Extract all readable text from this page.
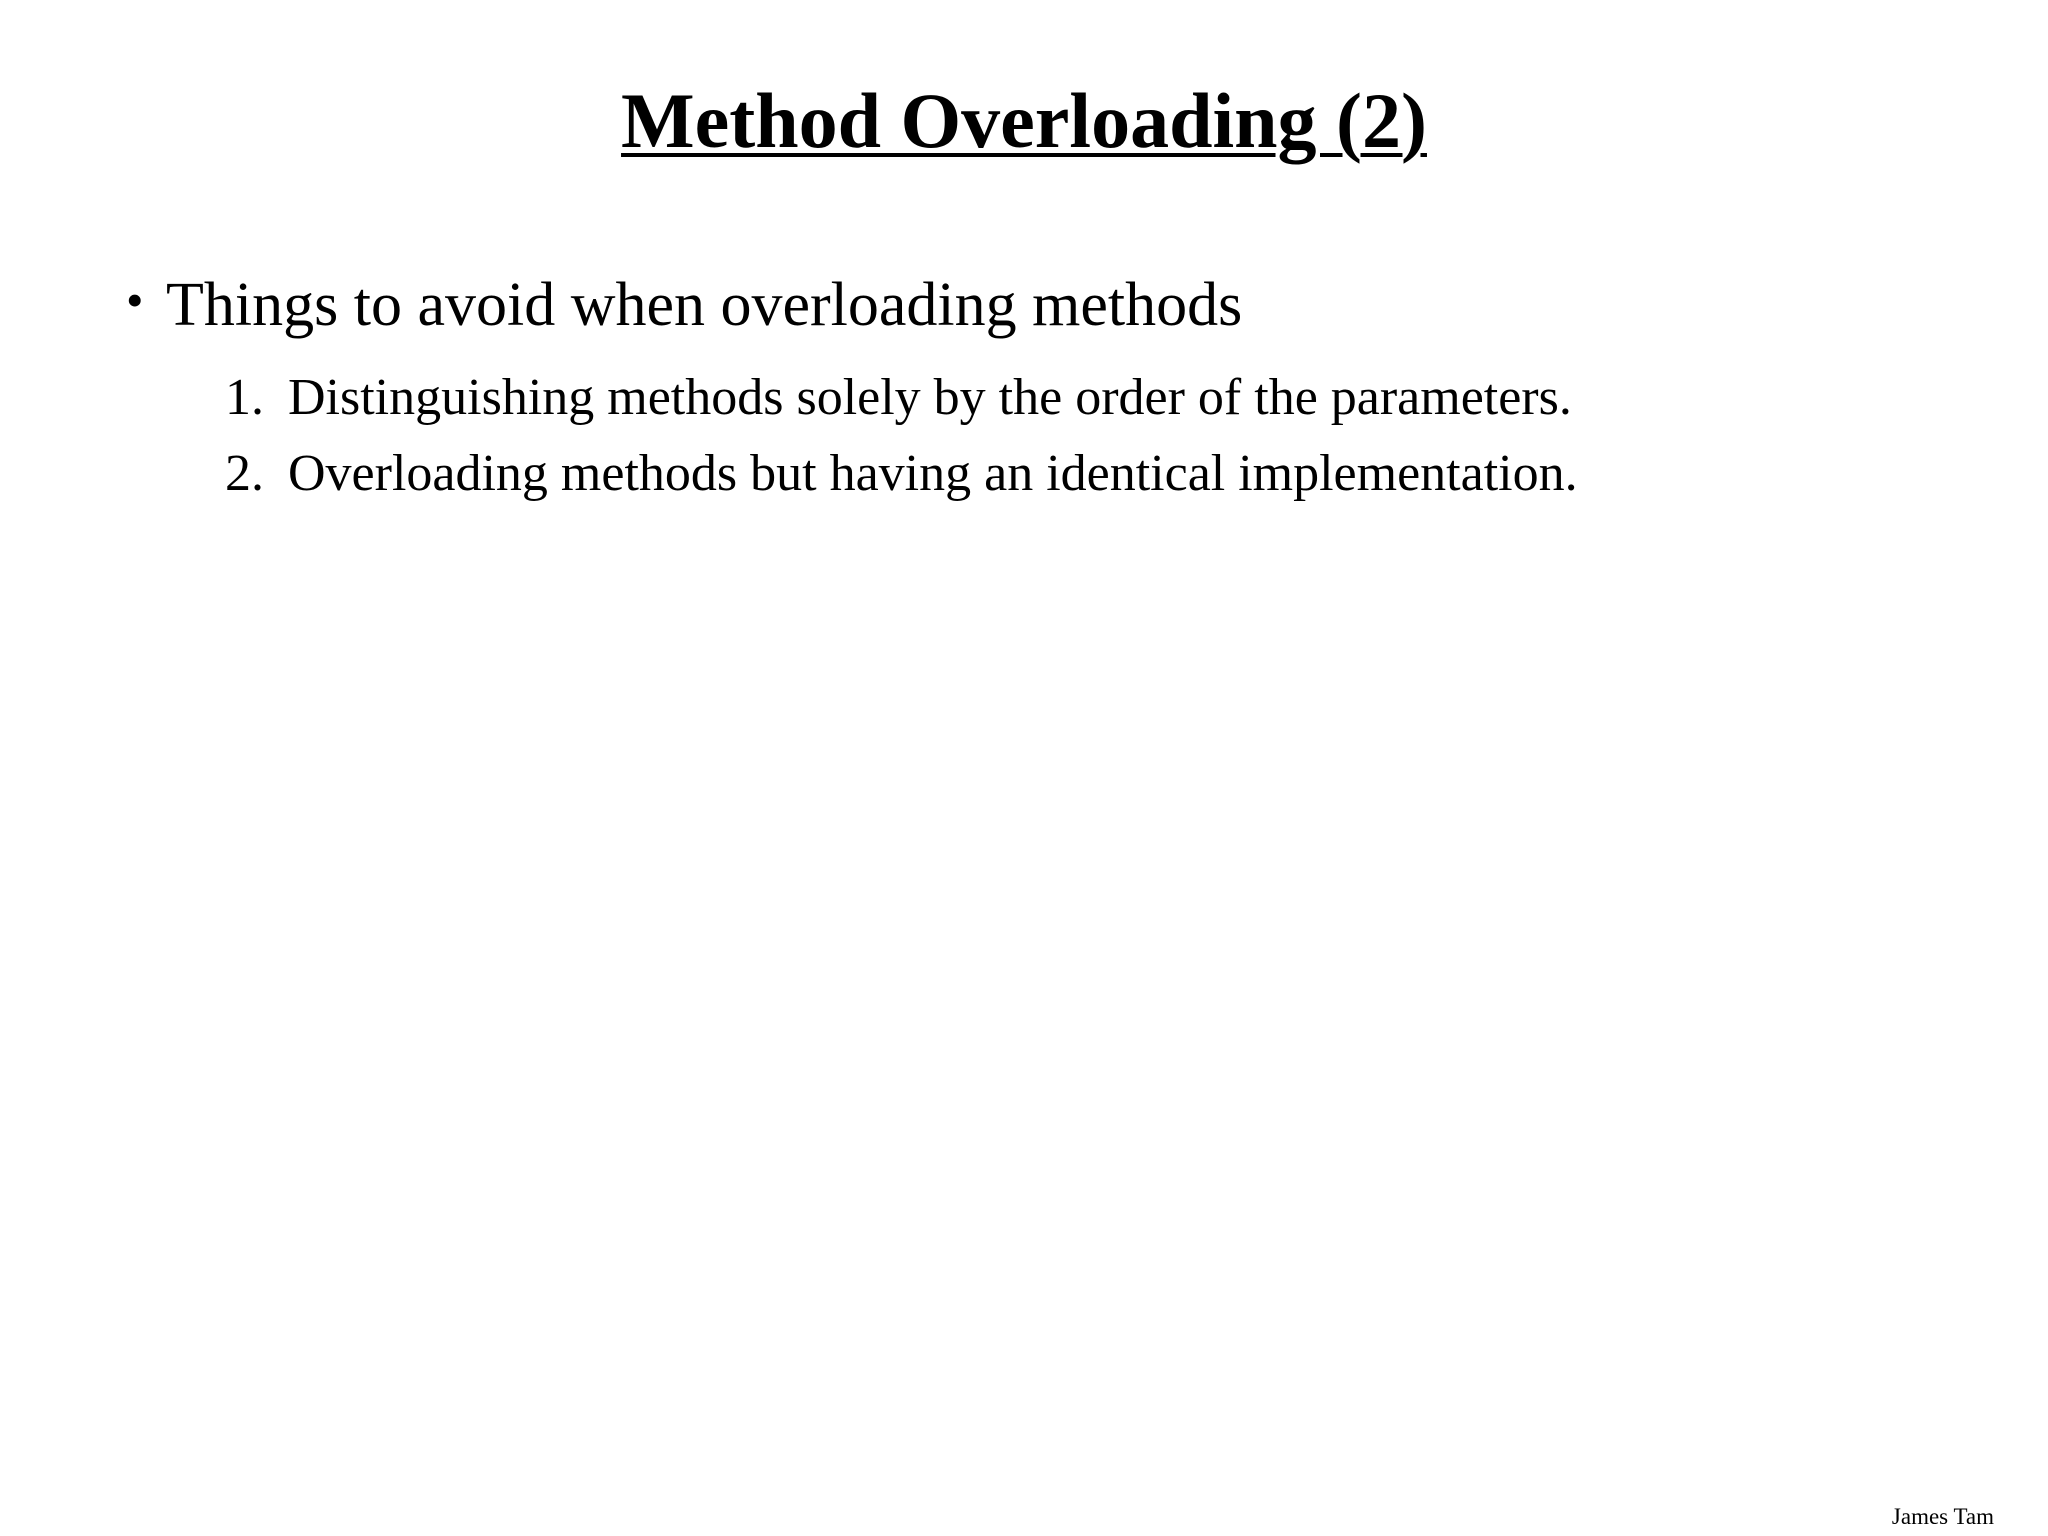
Method Overloading (2)
• Things to avoid when overloading methods
1. Distinguishing methods solely by the order of the parameters.
2. Overloading methods but having an identical implementation.
James Tam
